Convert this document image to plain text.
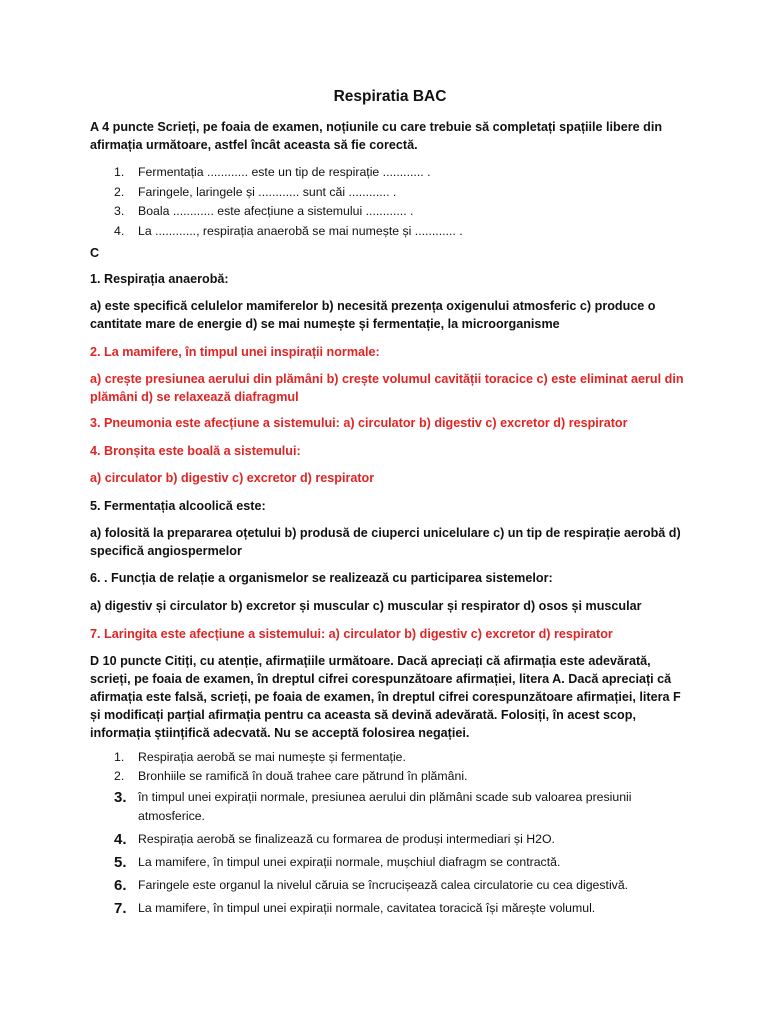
Respiratia BAC
A 4 puncte Scrieți, pe foaia de examen, noțiunile cu care trebuie să completați spațiile libere din afirmația următoare, astfel încât aceasta să fie corectă.
1. Fermentația ............ este un tip de respirație ............ .
2. Faringele, laringele și ............ sunt căi ............ .
3. Boala ............ este afecțiune a sistemului ............ .
4. La ............, respirația anaerobă se mai numește și ............ .
C
1. Respirația anaerobă:
a) este specifică celulelor mamiferelor b) necesită prezența oxigenului atmosferic c) produce o cantitate mare de energie d) se mai numește și fermentație, la microorganisme
2. La mamifere, în timpul unei inspirații normale:
a) crește presiunea aerului din plămâni b) crește volumul cavității toracice c) este eliminat aerul din plămâni d) se relaxează diafragmul
3. Pneumonia este afecțiune a sistemului: a) circulator b) digestiv c) excretor d) respirator
4. Bronșita este boală a sistemului:
a) circulator b) digestiv c) excretor d) respirator
5. Fermentația alcoolică este:
a) folosită la prepararea oțetului b) produsă de ciuperci unicelulare c) un tip de respirație aerobă d) specifică angiospermelor
6. . Funcția de relație a organismelor se realizează cu participarea sistemelor:
a) digestiv și circulator b) excretor și muscular c) muscular și respirator d) osos și muscular
7. Laringita este afecțiune a sistemului: a) circulator b) digestiv c) excretor d) respirator
D 10 puncte Citiți, cu atenție, afirmațiile următoare. Dacă apreciați că afirmația este adevărată, scrieți, pe foaia de examen, în dreptul cifrei corespunzătoare afirmației, litera A. Dacă apreciați că afirmația este falsă, scrieți, pe foaia de examen, în dreptul cifrei corespunzătoare afirmației, litera F și modificați parțial afirmația pentru ca aceasta să devină adevărată. Folosiți, în acest scop, informația științifică adecvată. Nu se acceptă folosirea negației.
1. Respirația aerobă se mai numește și fermentație.
2. Bronhiile se ramifică în două trahee care pătrund în plămâni.
3. în timpul unei expirații normale, presiunea aerului din plămâni scade sub valoarea presiunii atmosferice.
4. Respirația aerobă se finalizează cu formarea de produși intermediari și H2O.
5. La mamifere, în timpul unei expirații normale, mușchiul diafragm se contractă.
6. Faringele este organul la nivelul căruia se încrucișează calea circulatorie cu cea digestivă.
7. La mamifere, în timpul unei expirații normale, cavitatea toracică își mărește volumul.
